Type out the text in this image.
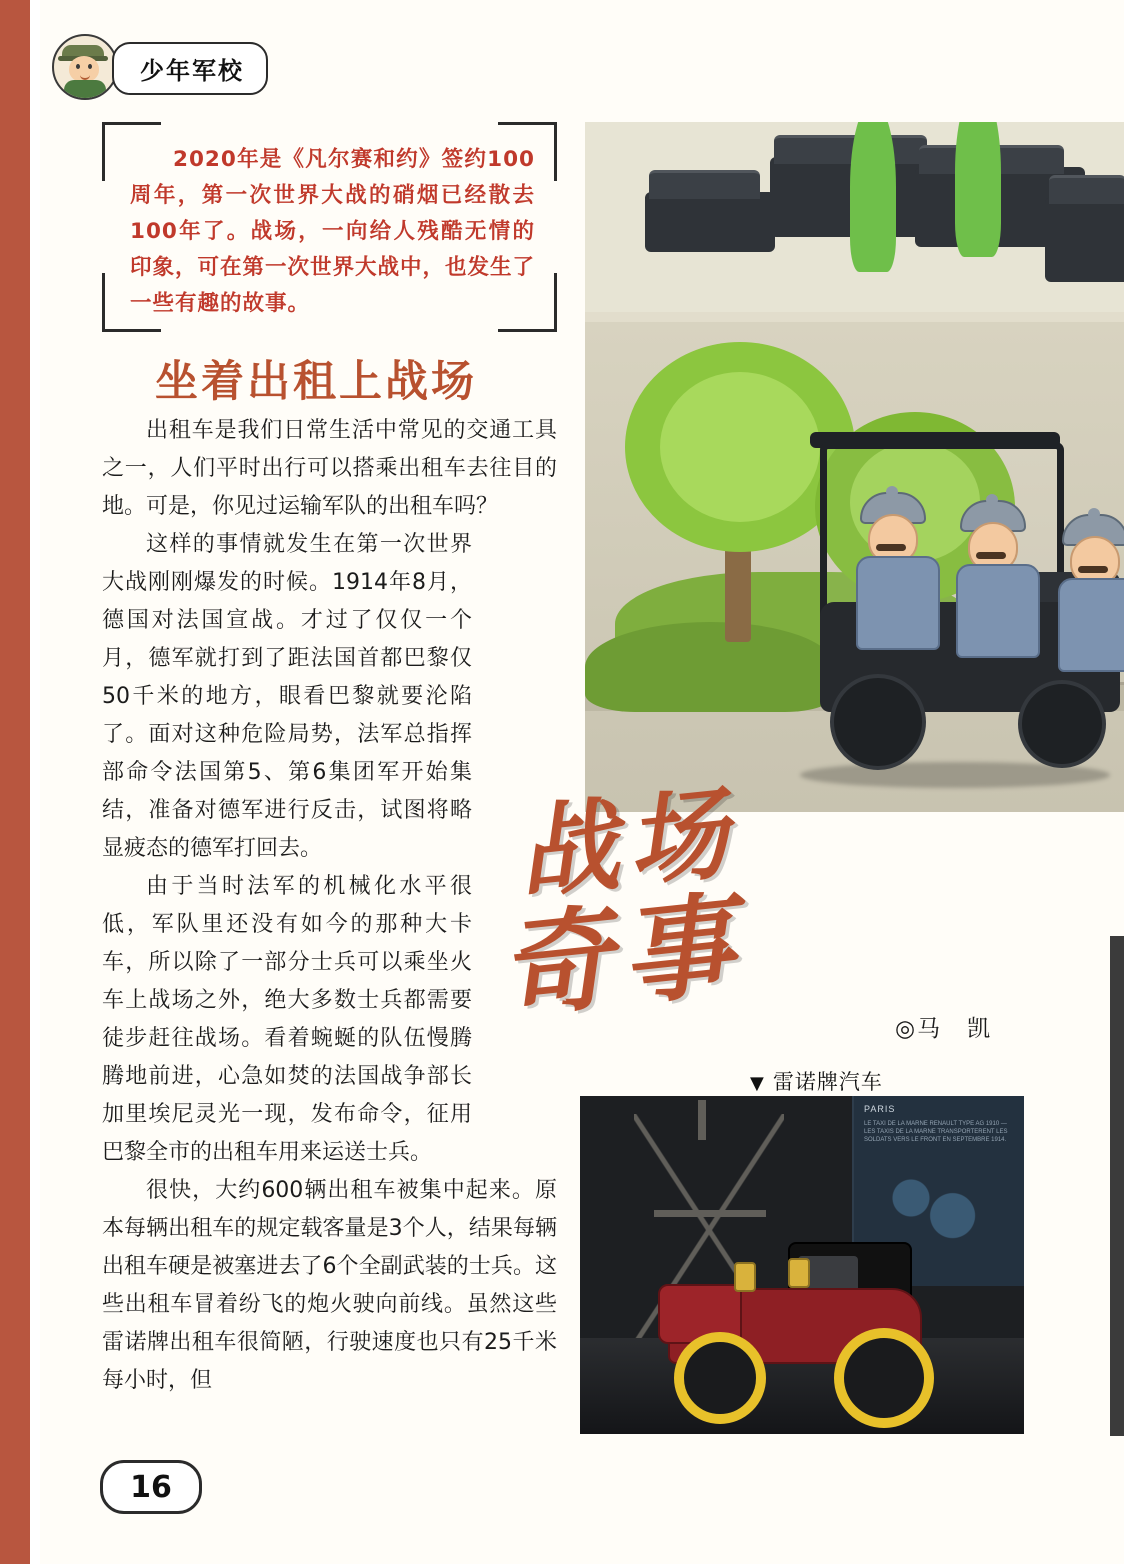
少年军校
2020年是《凡尔赛和约》签约100周年，第一次世界大战的硝烟已经散去100年了。战场，一向给人残酷无情的印象，可在第一次世界大战中，也发生了一些有趣的故事。
坐着出租上战场

出租车是我们日常生活中常见的交通工具之一，人们平时出行可以搭乘出租车去往目的地。可是，你见过运输军队的出租车吗？

这样的事情就发生在第一次世界大战刚刚爆发的时候。1914年8月，德国对法国宣战。才过了仅仅一个月，德军就打到了距法国首都巴黎仅50千米的地方，眼看巴黎就要沦陷了。面对这种危险局势，法军总指挥部命令法国第5、第6集团军开始集结，准备对德军进行反击，试图将略显疲态的德军打回去。

由于当时法军的机械化水平很低，军队里还没有如今的那种大卡车，所以除了一部分士兵可以乘坐火车上战场之外，绝大多数士兵都需要徒步赶往战场。看着蜿蜒的队伍慢腾腾地前进，心急如焚的法国战争部长加里埃尼灵光一现，发布命令，征用巴黎全市的出租车用来运送士兵。

很快，大约600辆出租车被集中起来。原本每辆出租车的规定载客量是3个人，结果每辆出租车硬是被塞进去了6个全副武装的士兵。这些出租车冒着纷飞的炮火驶向前线。虽然这些雷诺牌出租车很简陋，行驶速度也只有25千米每小时，但

战场
奇事	◎马　凯
▼ 雷诺牌汽车
PARIS
LE TAXI DE LA MARNE RENAULT TYPE AG 1910 — LES TAXIS DE LA MARNE TRANSPORTERENT LES SOLDATS VERS LE FRONT EN SEPTEMBRE 1914.
16
